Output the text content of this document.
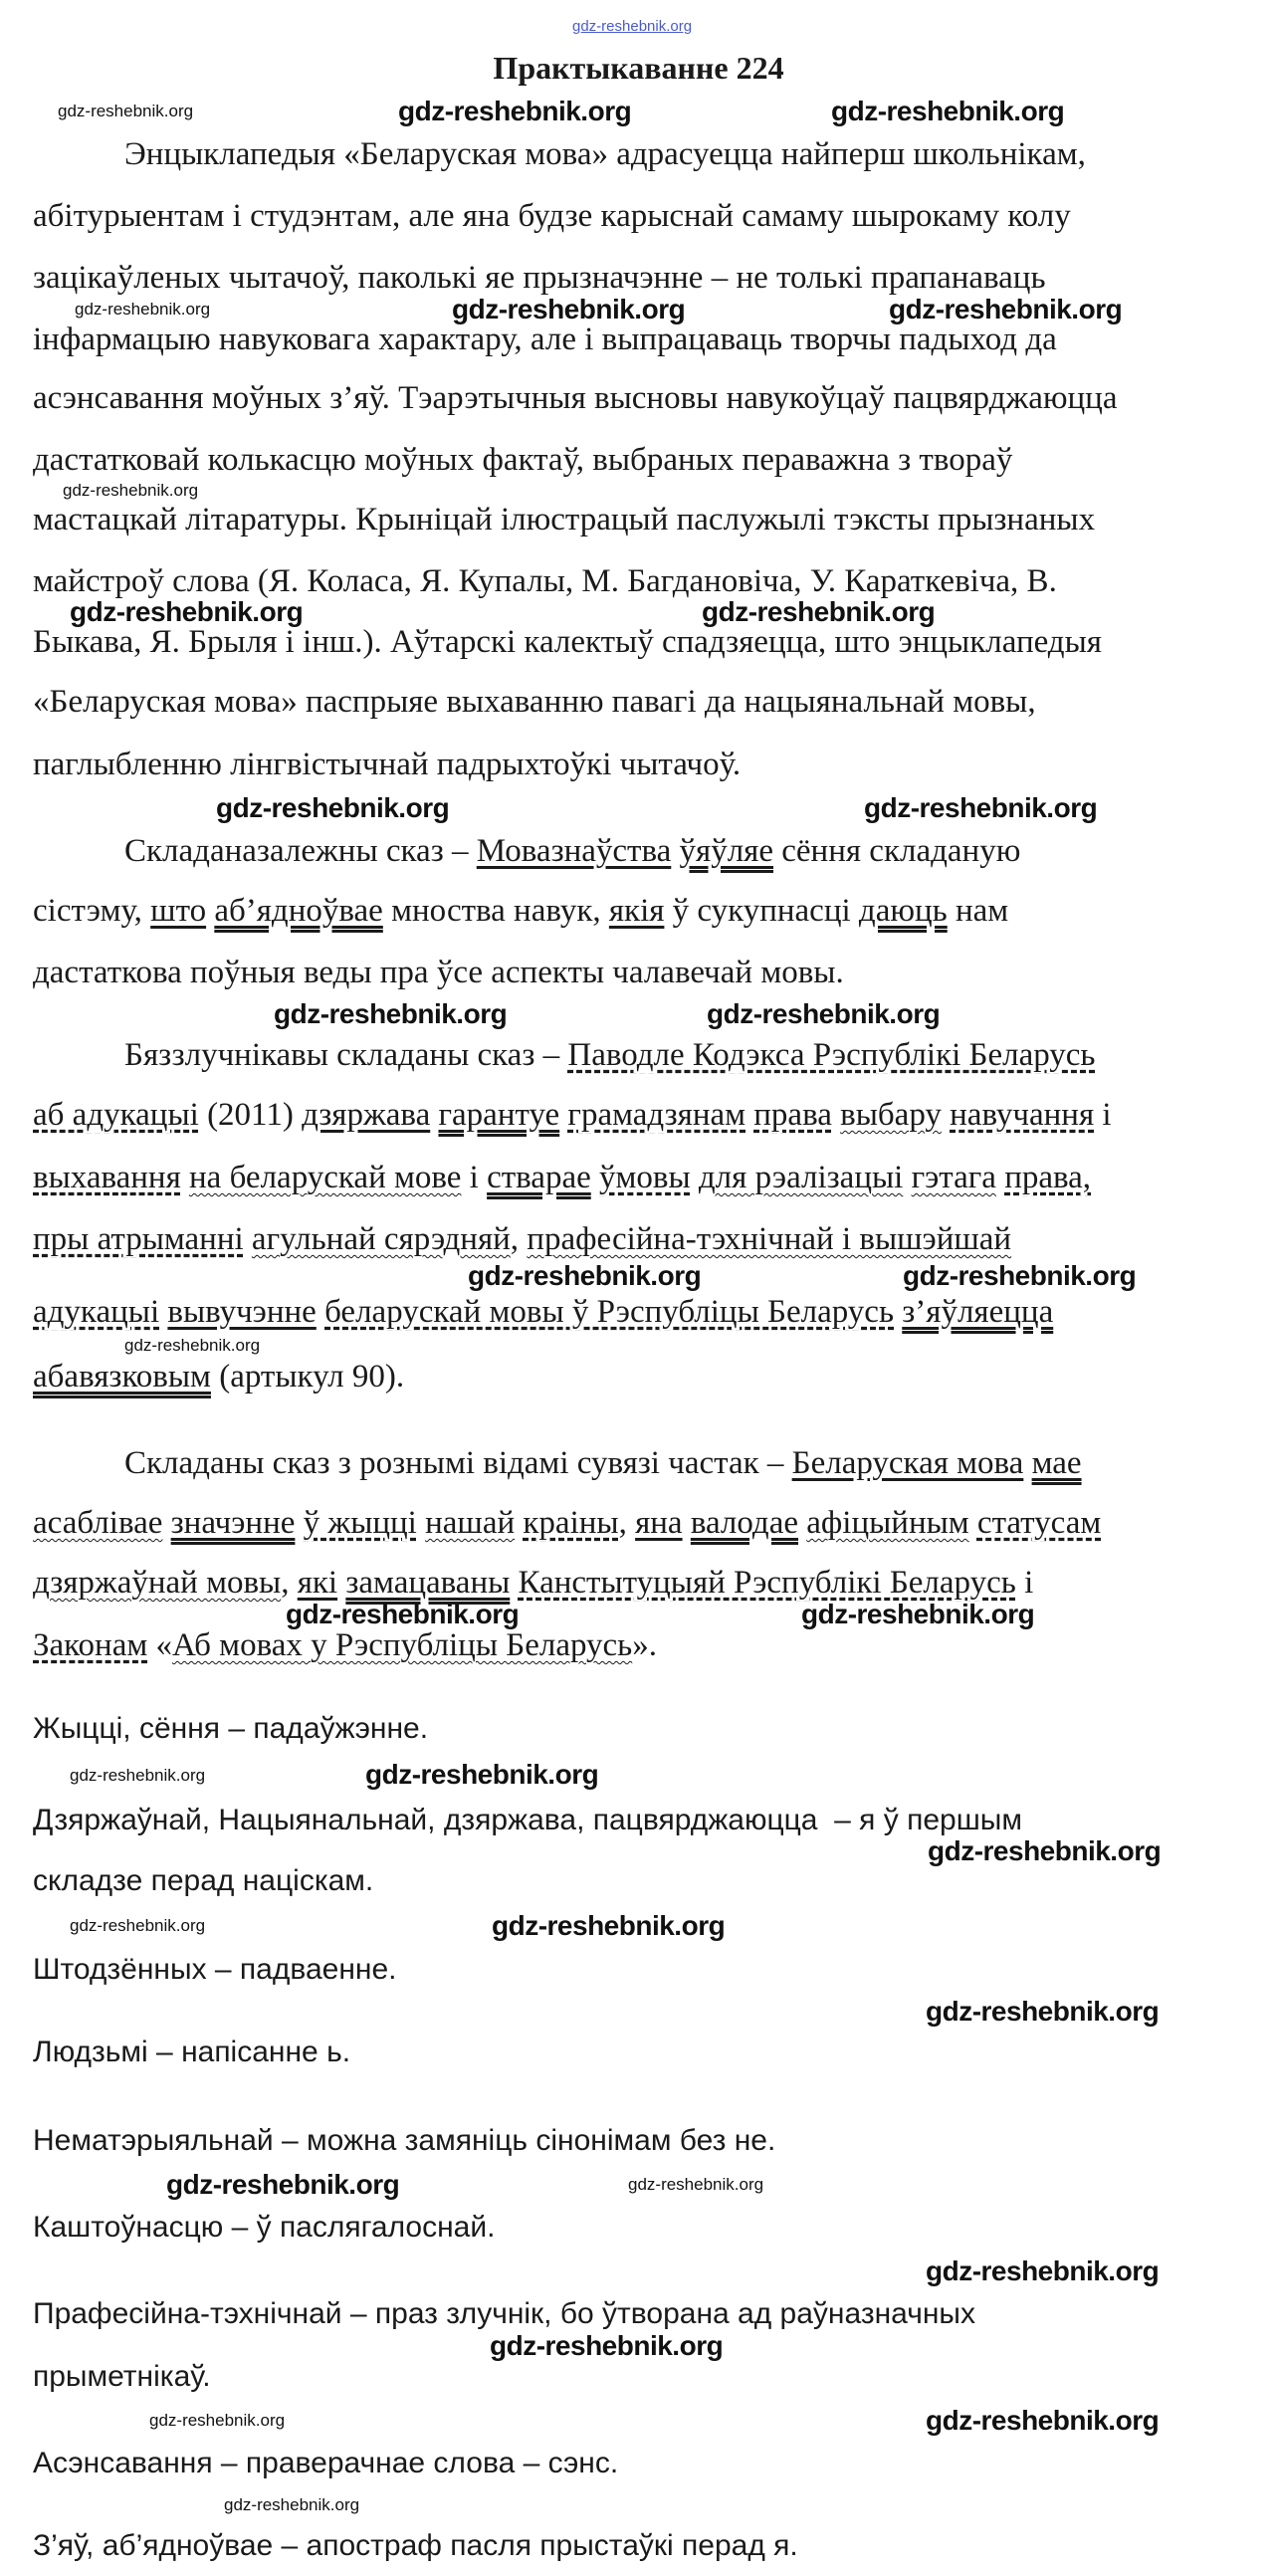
Практыкаванне 224
Энцыклапедыя «Беларуская мова» адрасуецца найперш школьнікам,
абітурыентам і студэнтам, але яна будзе карыснай самаму шырокаму колу
зацікаўленых чытачоў, паколькі яе прызначэнне – не толькі прапанаваць
інфармацыю навуковага характару, але і выпрацаваць творчы падыход да
асэнсавання моўных з’яў. Тэарэтычныя высновы навукоўцаў пацвярджаюцца
дастатковай колькасцю моўных фактаў, выбраных пераважна з твораў
мастацкай літаратуры. Крыніцай ілюстрацый паслужылі тэксты прызнаных
майстроў слова (Я. Коласа, Я. Купалы, М. Багдановіча, У. Караткевіча, В.
Быкава, Я. Брыля і інш.). Аўтарскі калектыў спадзяецца, што энцыклапедыя
«Беларуская мова» паспрыяе выхаванню павагі да нацыянальнай мовы,
паглыбленню лінгвістычнай падрыхтоўкі чытачоў.
Складаназалежны сказ – Мовазнаўства ўяўляе сёння складаную
сістэму, што аб’ядноўвае мноства навук, якія ў сукупнасці даюць нам
дастаткова поўныя веды пра ўсе аспекты чалавечай мовы.
Бяззлучнікавы складаны сказ – Паводле Кодэкса Рэспублікі Беларусь
аб адукацыі (2011) дзяржава гарантуе грамадзянам права выбару навучання і
выхавання на беларускай мове і стварае ўмовы для рэалізацыі гэтага права,
пры атрыманні агульнай сярэдняй, прафесійна-тэхнічнай і вышэйшай
адукацыі вывучэнне беларускай мовы ў Рэспубліцы Беларусь з’яўляецца
абавязковым (артыкул 90).
Складаны сказ з рознымі відамі сувязі частак – Беларуская мова мае
асаблівае значэнне ў жыцці нашай краіны, яна валодае афіцыйным статусам
дзяржаўнай мовы, які замацаваны Канстытуцыяй Рэспублікі Беларусь і
Законам «Аб мовах у Рэспубліцы Беларусь».
Жыцці, сёння – падаўжэнне.
Дзяржаўнай, Нацыянальнай, дзяржава, пацвярджаюцца  – я ў першым
складзе перад націскам.
Штодзённых – падваенне.
Людзьмі – напісанне ь.
Нематэрыяльнай – можна замяніць сінонімам без не.
Каштоўнасцю – ў паслягалоснай.
Прафесійна-тэхнічнай – праз злучнік, бо ўтворана ад раўназначных
прыметнікаў.
Асэнсавання – праверачнае слова – сэнс.
З’яў, аб’ядноўвае – апостраф пасля прыстаўкі перад я.
gdz-reshebnik.org
gdz-reshebnik.org
gdz-reshebnik.org
gdz-reshebnik.org
gdz-reshebnik.org
gdz-reshebnik.org
gdz-reshebnik.org
gdz-reshebnik.org
gdz-reshebnik.org
gdz-reshebnik.org
gdz-reshebnik.org	gdz-reshebnik.org
gdz-reshebnik.org
gdz-reshebnik.org
gdz-reshebnik.org
gdz-reshebnik.org
gdz-reshebnik.org
gdz-reshebnik.org
gdz-reshebnik.org
gdz-reshebnik.org
gdz-reshebnik.org	gdz-reshebnik.org
gdz-reshebnik.org	gdz-reshebnik.org
gdz-reshebnik.org
gdz-reshebnik.org
gdz-reshebnik.org
gdz-reshebnik.org
gdz-reshebnik.org
gdz-reshebnik.org
gdz-reshebnik.org
gdz-reshebnik.org
